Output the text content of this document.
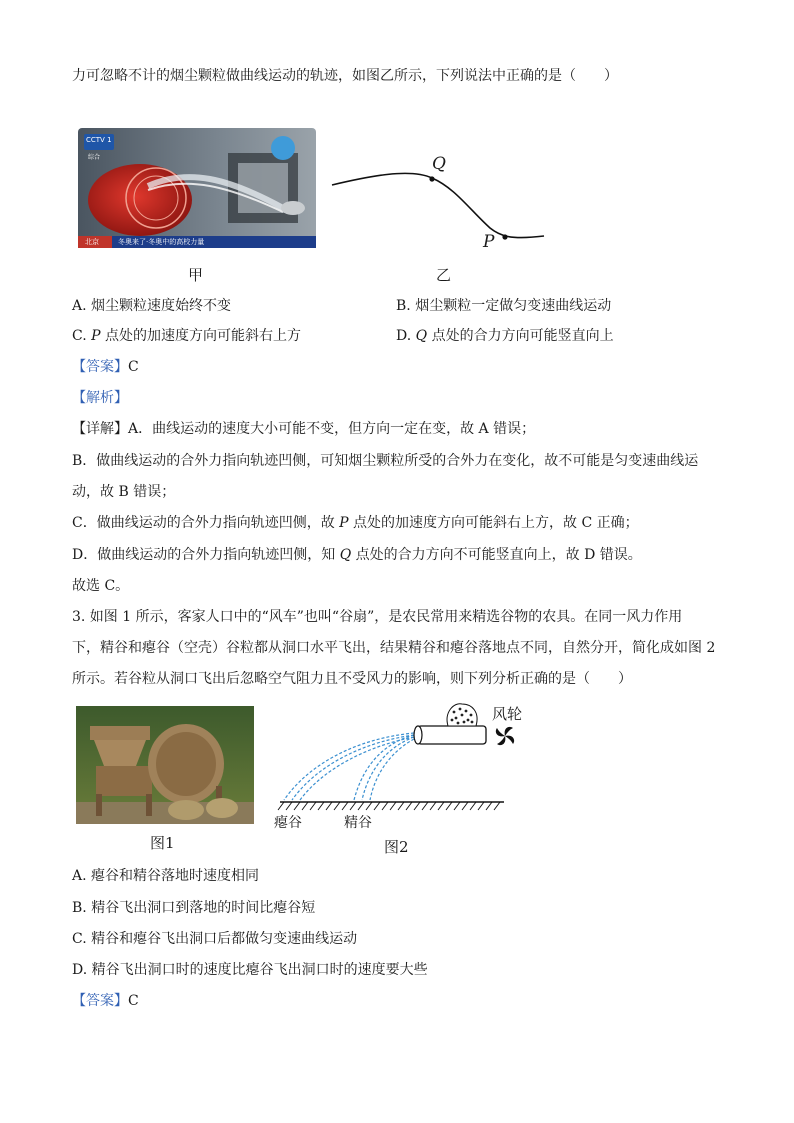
力可忽略不计的烟尘颗粒做曲线运动的轨迹，如图乙所示，下列说法中正确的是（　　）
CCTV 1
综合
北京	冬奥来了·冬奥中的高校力量
甲
Q
P
乙
A. 烟尘颗粒速度始终不变	B. 烟尘颗粒一定做匀变速曲线运动
C. P 点处的加速度方向可能斜右上方	D. Q 点处的合力方向可能竖直向上
【答案】C
【解析】
【详解】A．曲线运动的速度大小可能不变，但方向一定在变，故 A 错误；
B．做曲线运动的合外力指向轨迹凹侧，可知烟尘颗粒所受的合外力在变化，故不可能是匀变速曲线运
动，故 B 错误；
C．做曲线运动的合外力指向轨迹凹侧，故 P 点处的加速度方向可能斜右上方，故 C 正确；
D．做曲线运动的合外力指向轨迹凹侧，知 Q 点处的合力方向不可能竖直向上，故 D 错误。
故选 C。
3. 如图 1 所示，客家人口中的“风车”也叫“谷扇”，是农民常用来精选谷物的农具。在同一风力作用
下，精谷和瘪谷（空壳）谷粒都从洞口水平飞出，结果精谷和瘪谷落地点不同，自然分开，简化成如图 2
所示。若谷粒从洞口飞出后忽略空气阻力且不受风力的影响，则下列分析正确的是（　　 ）
图1
风轮
瘪谷	精谷
图2
A. 瘪谷和精谷落地时速度相同
B. 精谷飞出洞口到落地的时间比瘪谷短
C. 精谷和瘪谷飞出洞口后都做匀变速曲线运动
D. 精谷飞出洞口时的速度比瘪谷飞出洞口时的速度要大些
【答案】C
